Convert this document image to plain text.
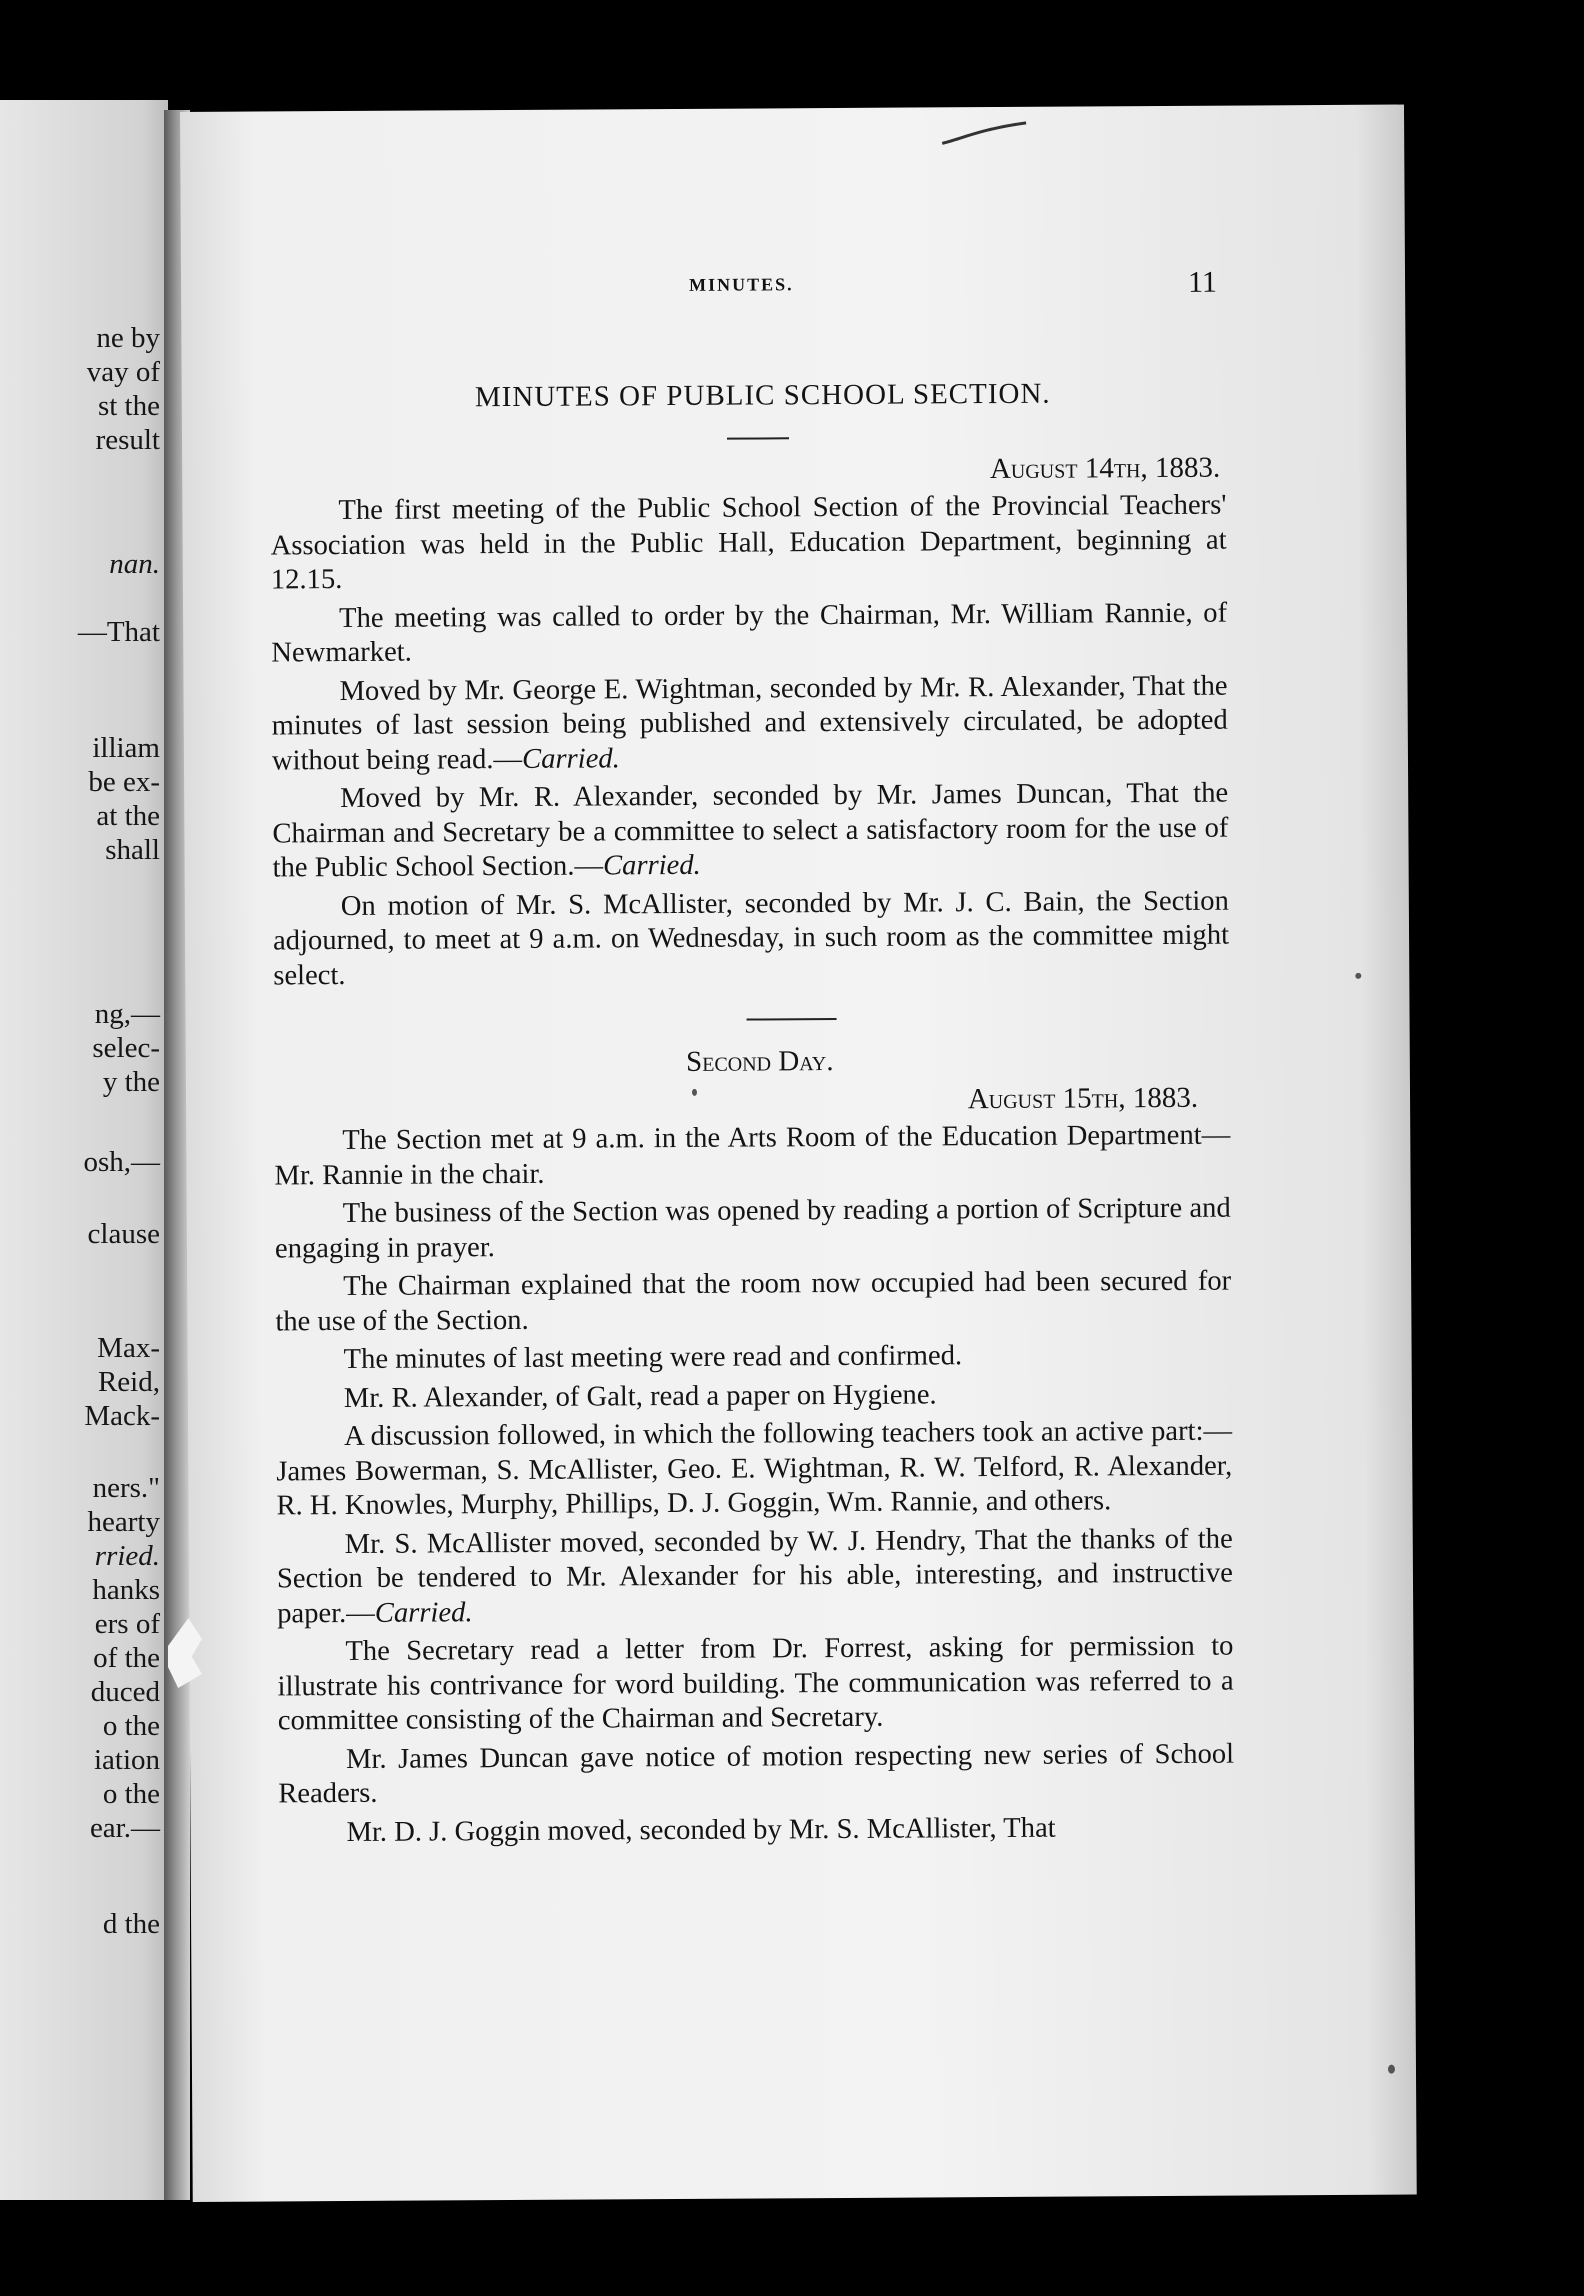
ne by
vay of
st the
result
nan.
—That
illiam
be ex-
at the
shall
ng,—
selec-
y the
osh,—
clause
Max-
Reid,
Mack-
ners."
hearty
rried.
hanks
ers of
of the
duced
o the
iation
o the
ear.—
d the
MINUTES.	11
MINUTES OF PUBLIC SCHOOL SECTION.
August 14th, 1883.

The first meeting of the Public School Section of the Provincial Teachers' Association was held in the Public Hall, Education Department, beginning at 12.15.

The meeting was called to order by the Chairman, Mr. William Rannie, of Newmarket.

Moved by Mr. George E. Wightman, seconded by Mr. R. Alexander, That the minutes of last session being published and extensively circulated, be adopted without being read.—Carried.

Moved by Mr. R. Alexander, seconded by Mr. James Duncan, That the Chairman and Secretary be a committee to select a satisfactory room for the use of the Public School Section.—Carried.

On motion of Mr. S. McAllister, seconded by Mr. J. C. Bain, the Section adjourned, to meet at 9 a.m. on Wednesday, in such room as the committee might select.

Second Day.
August 15th, 1883.

The Section met at 9 a.m. in the Arts Room of the Education Department—Mr. Rannie in the chair.

The business of the Section was opened by reading a portion of Scripture and engaging in prayer.

The Chairman explained that the room now occupied had been secured for the use of the Section.

The minutes of last meeting were read and confirmed.

Mr. R. Alexander, of Galt, read a paper on Hygiene.

A discussion followed, in which the following teachers took an active part:—James Bowerman, S. McAllister, Geo. E. Wightman, R. W. Telford, R. Alexander, R. H. Knowles, Murphy, Phillips, D. J. Goggin, Wm. Rannie, and others.

Mr. S. McAllister moved, seconded by W. J. Hendry, That the thanks of the Section be tendered to Mr. Alexander for his able, interesting, and instructive paper.—Carried.

The Secretary read a letter from Dr. Forrest, asking for permission to illustrate his contrivance for word building. The communication was referred to a committee consisting of the Chairman and Secretary.

Mr. James Duncan gave notice of motion respecting new series of School Readers.

Mr. D. J. Goggin moved, seconded by Mr. S. McAllister, That
